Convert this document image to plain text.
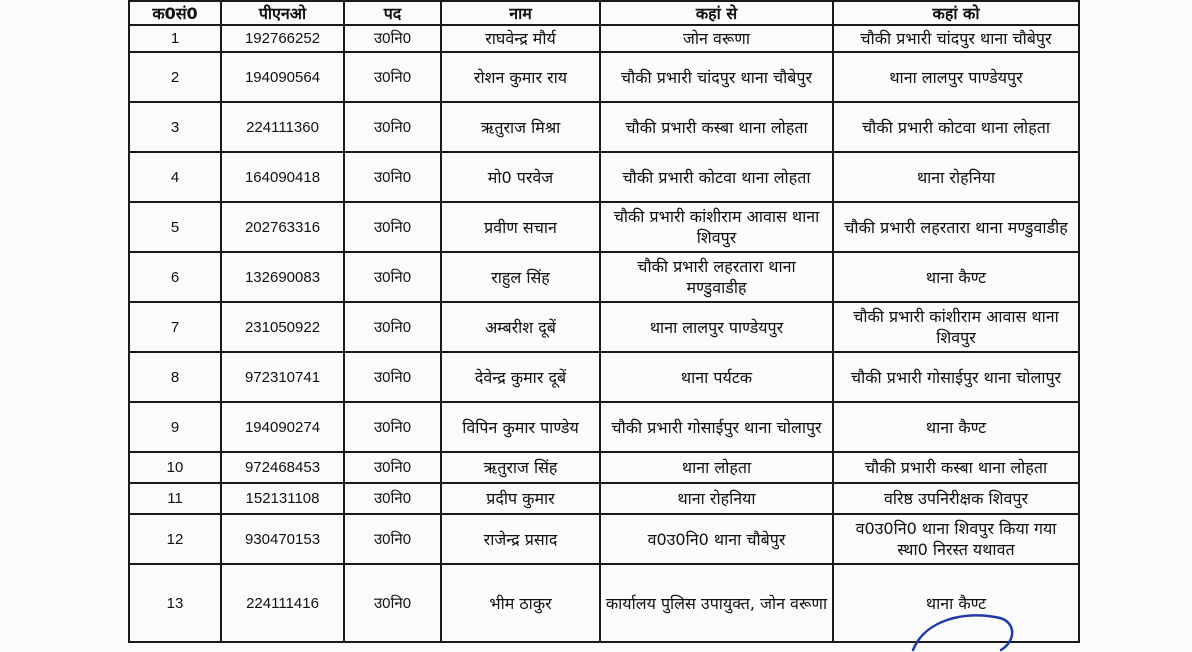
क0सं0	पीएनओ	पद	नाम	कहां से	कहां को
1	192766252	उ0नि0	राघवेन्द्र मौर्य	जोन वरूणा	चौकी प्रभारी चांदपुर थाना चौबेपुर
2	194090564	उ0नि0	रोशन कुमार राय	चौकी प्रभारी चांदपुर थाना चौबेपुर	थाना लालपुर पाण्डेयपुर
3	224111360	उ0नि0	ऋतुराज मिश्रा	चौकी प्रभारी कस्बा थाना लोहता	चौकी प्रभारी कोटवा थाना लोहता
4	164090418	उ0नि0	मो0 परवेज	चौकी प्रभारी कोटवा थाना लोहता	थाना रोहनिया
5	202763316	उ0नि0	प्रवीण सचान	चौकी प्रभारी कांशीराम आवास थाना शिवपुर	चौकी प्रभारी लहरतारा थाना मण्डुवाडीह
6	132690083	उ0नि0	राहुल सिंह	चौकी प्रभारी लहरतारा थाना मण्डुवाडीह	थाना कैण्ट
7	231050922	उ0नि0	अम्बरीश दूबें	थाना लालपुर पाण्डेयपुर	चौकी प्रभारी कांशीराम आवास थाना शिवपुर
8	972310741	उ0नि0	देवेन्द्र कुमार दूबें	थाना पर्यटक	चौकी प्रभारी गोसाईपुर थाना चोलापुर
9	194090274	उ0नि0	विपिन कुमार पाण्डेय	चौकी प्रभारी गोसाईपुर थाना चोलापुर	थाना कैण्ट
10	972468453	उ0नि0	ऋतुराज सिंह	थाना लोहता	चौकी प्रभारी कस्बा थाना लोहता
11	152131108	उ0नि0	प्रदीप कुमार	थाना रोहनिया	वरिष्ठ उपनिरीक्षक शिवपुर
12	930470153	उ0नि0	राजेन्द्र प्रसाद	व0उ0नि0 थाना चौबेपुर	व0उ0नि0 थाना शिवपुर किया गया स्था0 निरस्त यथावत
13	224111416	उ0नि0	भीम ठाकुर	कार्यालय पुलिस उपायुक्त, जोन वरूणा	थाना कैण्ट
